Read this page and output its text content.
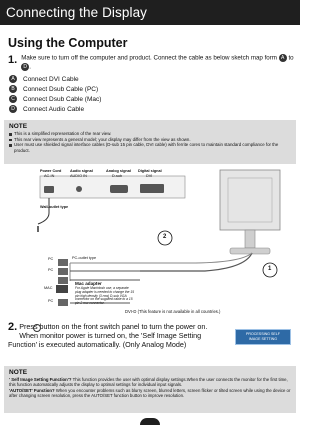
Connecting the Display
Using the Computer
1. Make sure to turn off the computer and product. Connect the cable as below sketch map form A to D .
A Connect DVI Cable
B Connect Dsub Cable (PC)
C Connect Dsub Cable (Mac)
D Connect Audio Cable
NOTE
This is a simplified representation of the rear view.
This rear view represents a general model; your display may differ from the view as shown.
User must use shielded signal interface cables (D-sub 15 pin cable, DVI cable) with ferrite cores to maintain standard compliance for the product.
Power Cord
AC-IN
Audio signal
AUDIO IN
Analog signal
D-sub
Digital signal
DVI
Wall-outlet type
PC	PC-outlet type
PC
MAC
PC
Mac adapter
For Apple Macintosh use, a separate plug adapter is needed to change the 15 pin high density (3 row) D-sub VGA connector on the supplied cable to a 15 pin 2 row connector.
DVI-D (This feature is not available in all countries.)
2
1
2. Press button on the front switch panel to turn the power on. When monitor power is turned on, the 'Self Image Setting Function' is executed automatically. (Only Analog Mode)
PROCESSING SELF
IMAGE SETTING
NOTE
' Self Image Setting Function'? This function provides the user with optimal display settings.When the user connects the monitor for the first time, this function automatically adjusts the display to optimal settings for individual input signals.
'AUTO/SET' Function? When you encounter problems such as blurry screen, blurred letters, screen flicker or tilted screen while using the device or after changing screen resolution, press the AUTO/SET function button to improve resolution.
